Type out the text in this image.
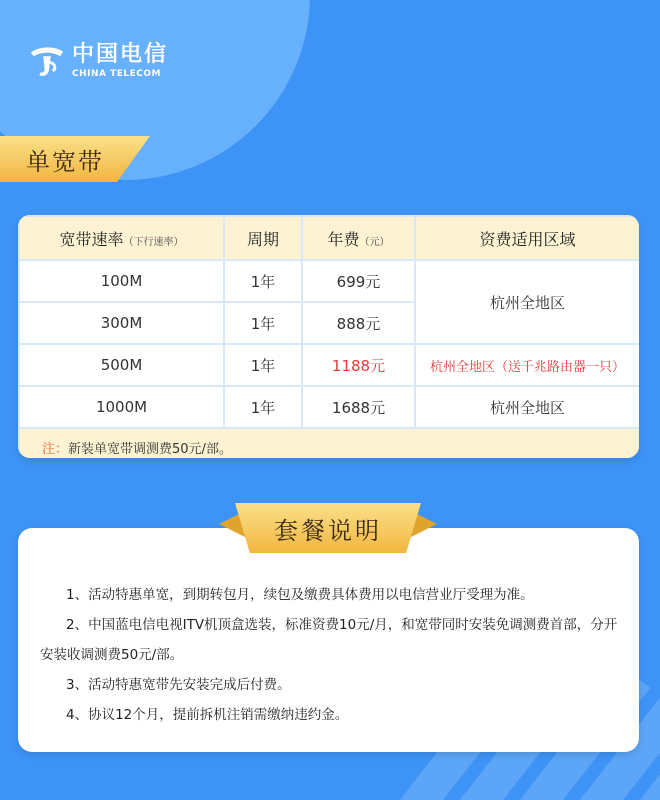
中国电信
CHINA TELECOM
单宽带
宽带速率（下行速率）	周期	年费（元）	资费适用区域
100M	1年	699元	杭州全地区
300M	1年	888元	
500M	1年	1188元	杭州全地区（送千兆路由器一只）
1000M	1年	1688元	杭州全地区
注：新装单宽带调测费50元/部。			

1、活动特惠单宽，到期转包月，续包及缴费具体费用以电信营业厅受理为准。

2、中国蓝电信电视ITV机顶盒选装，标准资费10元/月，和宽带同时安装免调测费首部，分开安装收调测费50元/部。

3、活动特惠宽带先安装完成后付费。

4、协议12个月，提前拆机注销需缴纳违约金。

套餐说明
